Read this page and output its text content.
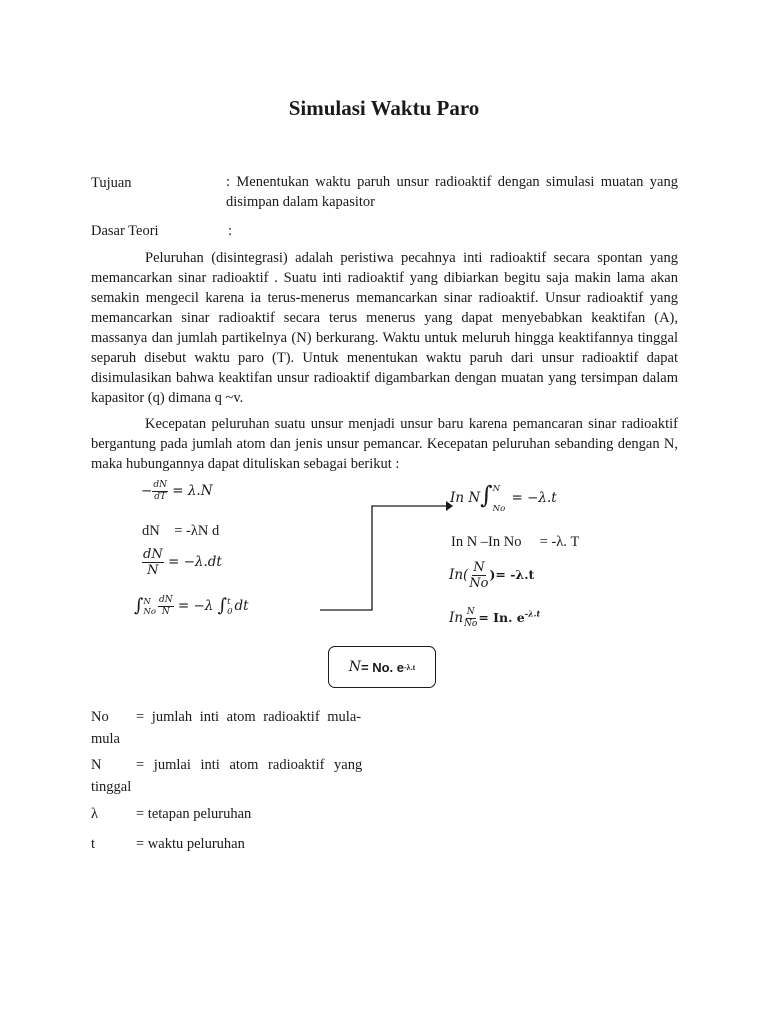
Simulasi Waktu Paro
Tujuan	: Menentukan waktu paruh unsur radioaktif dengan simulasi muatan yang disimpan dalam kapasitor
Dasar Teori	:
Peluruhan (disintegrasi) adalah peristiwa pecahnya inti radioaktif secara spontan yang memancarkan sinar radioaktif . Suatu inti radioaktif yang dibiarkan begitu saja makin lama akan semakin mengecil karena ia terus-menerus memancarkan sinar radioaktif. Unsur radioaktif yang memancarkan sinar radioaktif secara terus menerus yang dapat menyebabkan keaktifan (A), massanya dan jumlah partikelnya (N) berkurang. Waktu untuk meluruh hingga keaktifannya tinggal separuh disebut waktu paro (T). Untuk menentukan waktu paruh dari unsur radioaktif dapat disimulasikan bahwa keaktifan unsur radioaktif digambarkan dengan muatan yang tersimpan dalam kapasitor (q) dimana q ~v.
Kecepatan peluruhan suatu unsur menjadi unsur baru karena pemancaran sinar radioaktif bergantung pada jumlah atom dan jenis unsur pemancar. Kecepatan peluruhan sebanding dengan N, maka hubungannya dapat dituliskan sebagai berikut :
− $\frac{dN}{dT} = \lambda.N$
dN = -λN d
$\frac{dN}{N} = -\lambda.dt$
∫ N
No $\frac{dN}{N} = -\lambda$ ∫ t
0 dt
In N∫ N
No
= −λ.t
In N –In No     = -λ. T
$In( \frac{N}{No}$ )= -λ.t
In $\frac{N}{No} = In$. $e^{-\lambda.t}$
N = No. e -λ.t
No = jumlah inti atom radioaktif mula-mula
N = jumlai inti atom radioaktif yang tinggal
λ	= tetapan peluruhan
t	= waktu peluruhan
